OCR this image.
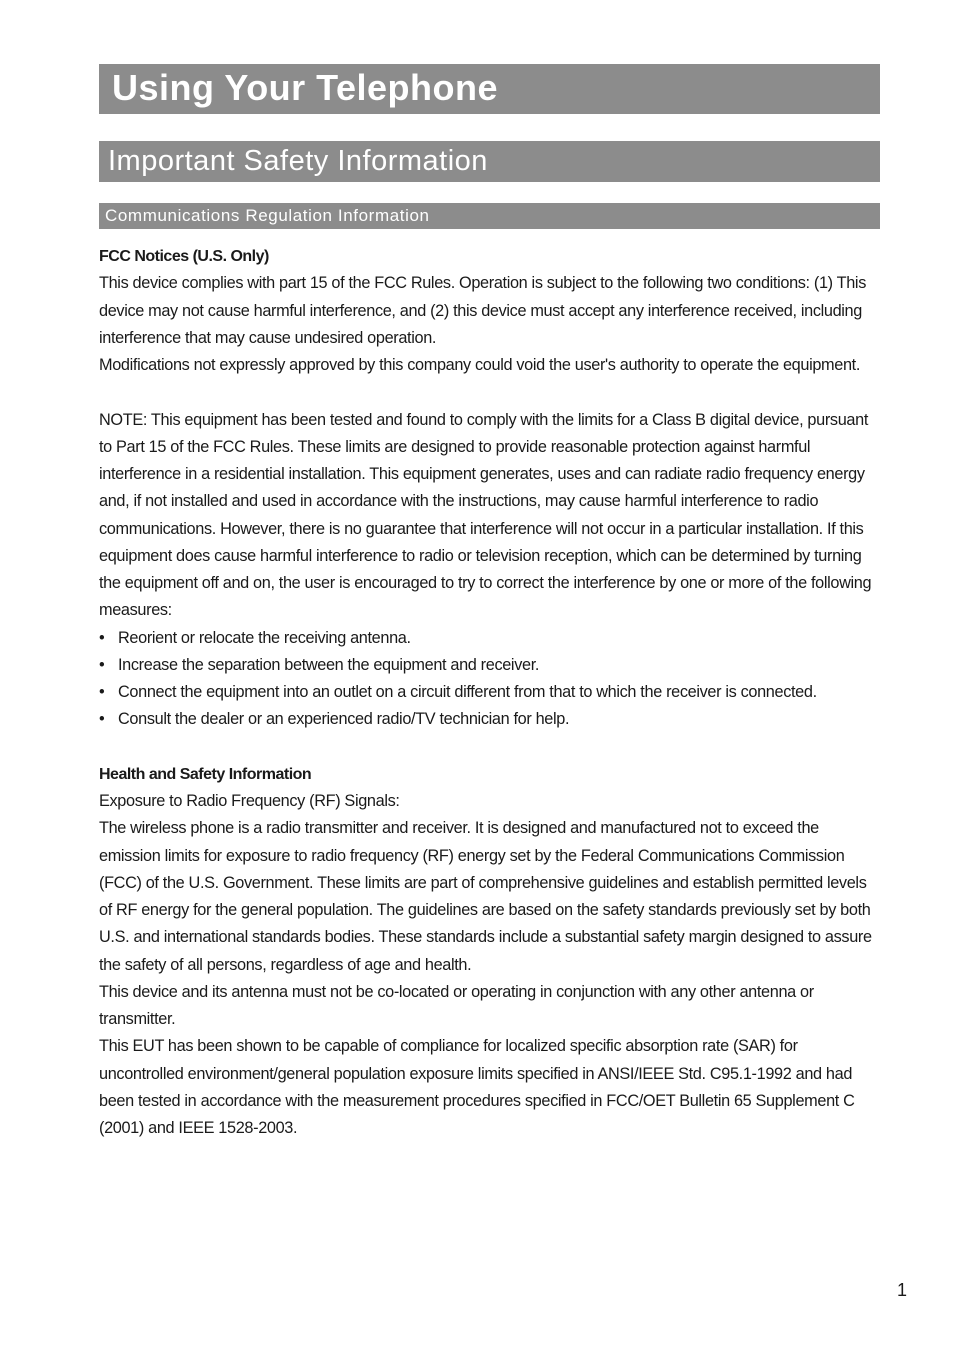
Using Your Telephone
Important Safety Information
Communications Regulation Information

FCC Notices (U.S. Only)

This device complies with part 15 of the FCC Rules. Operation is subject to the following two conditions: (1) This device may not cause harmful interference, and (2) this device must accept any interference received, including interference that may cause undesired operation.

Modifications not expressly approved by this company could void the user's authority to operate the equipment.

NOTE: This equipment has been tested and found to comply with the limits for a Class B digital device, pursuant to Part 15 of the FCC Rules. These limits are designed to provide reasonable protection against harmful interference in a residential installation. This equipment generates, uses and can radiate radio frequency energy and, if not installed and used in accordance with the instructions, may cause harmful interference to radio communications. However, there is no guarantee that interference will not occur in a particular installation. If this equipment does cause harmful interference to radio or television reception, which can be determined by turning the equipment off and on, the user is encouraged to try to correct the interference by one or more of the following measures:

• Reorient or relocate the receiving antenna.
• Increase the separation between the equipment and receiver.
• Connect the equipment into an outlet on a circuit different from that to which the receiver is connected.
• Consult the dealer or an experienced radio/TV technician for help.

Health and Safety Information

Exposure to Radio Frequency (RF) Signals:

The wireless phone is a radio transmitter and receiver. It is designed and manufactured not to exceed the emission limits for exposure to radio frequency (RF) energy set by the Federal Communications Commission (FCC) of the U.S. Government. These limits are part of comprehensive guidelines and establish permitted levels of RF energy for the general population. The guidelines are based on the safety standards previously set by both U.S. and international standards bodies. These standards include a substantial safety margin designed to assure the safety of all persons, regardless of age and health.

This device and its antenna must not be co-located or operating in conjunction with any other antenna or transmitter.

This EUT has been shown to be capable of compliance for localized specific absorption rate (SAR) for uncontrolled environment/general population exposure limits specified in ANSI/IEEE Std. C95.1-1992 and had been tested in accordance with the measurement procedures specified in FCC/OET Bulletin 65 Supplement C (2001) and IEEE 1528-2003.

1
